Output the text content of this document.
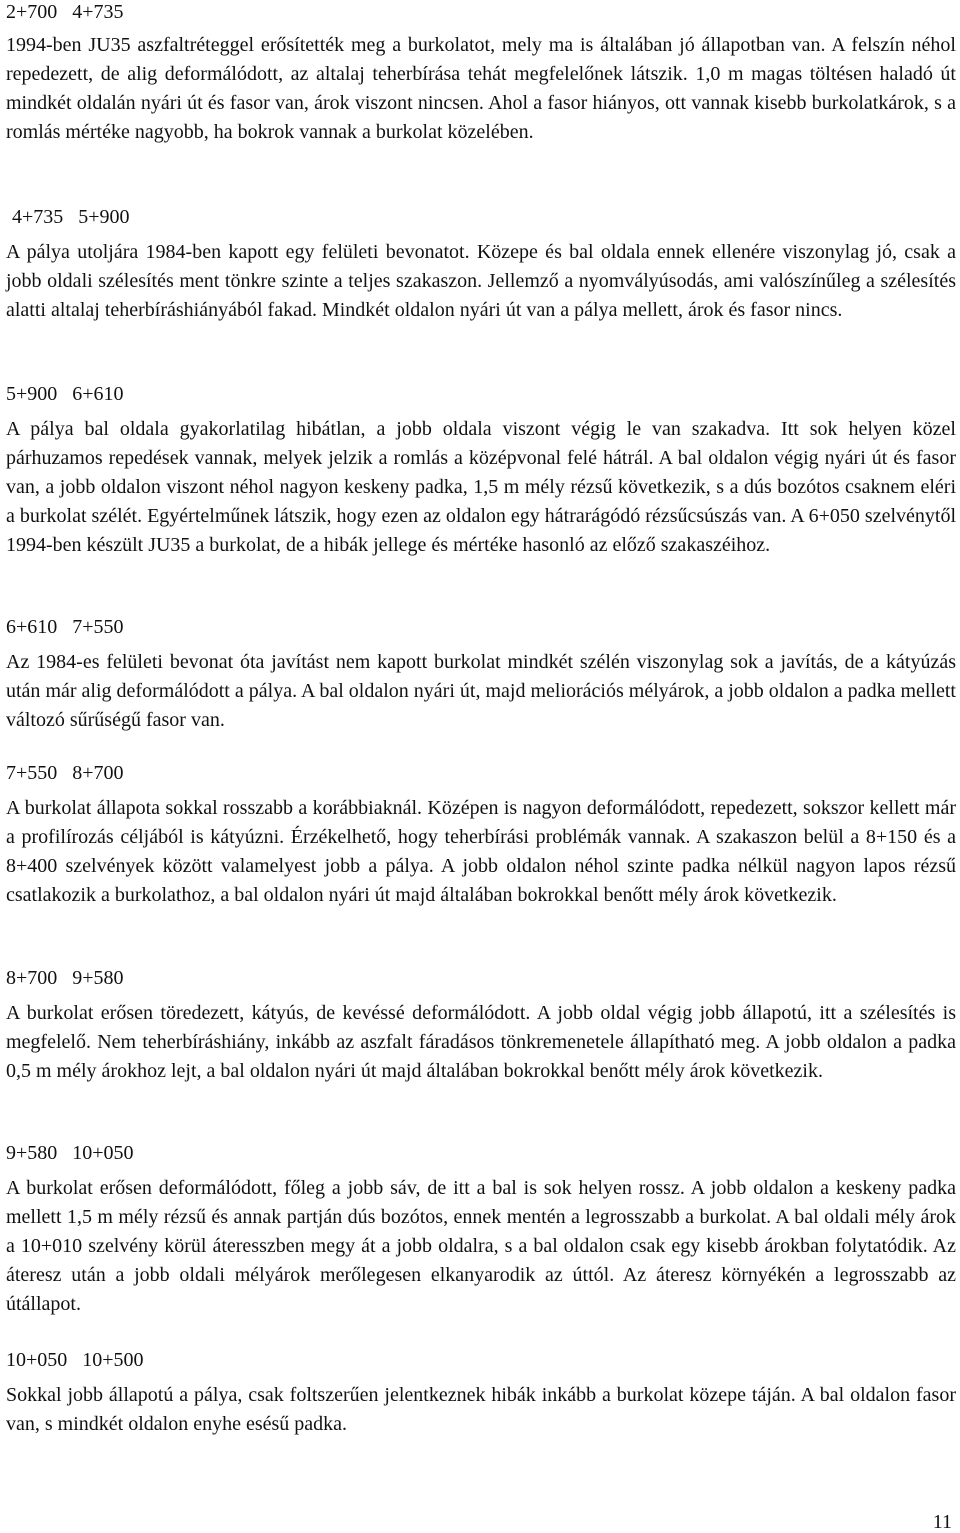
2+700   4+735

1994-ben JU35 aszfaltréteggel erősítették meg a burkolatot, mely ma is általában jó állapotban van. A felszín néhol repedezett, de alig deformálódott, az altalaj teherbírása tehát megfelelőnek látszik. 1,0 m magas töltésen haladó út mindkét oldalán nyári út és fasor van, árok viszont nincsen. Ahol a fasor hiányos, ott vannak kisebb burkolatkárok, s a romlás mértéke nagyobb, ha bokrok vannak a burkolat közelében.

4+735   5+900

A pálya utoljára 1984-ben kapott egy felületi bevonatot. Közepe és bal oldala ennek ellenére viszonylag jó, csak a jobb oldali szélesítés ment tönkre szinte a teljes szakaszon. Jellemző a nyomvályúsodás, ami valószínűleg a szélesítés alatti altalaj teherbíráshiányából fakad. Mindkét oldalon nyári út van a pálya mellett, árok és fasor nincs.

5+900   6+610

A pálya bal oldala gyakorlatilag hibátlan, a jobb oldala viszont végig le van szakadva. Itt sok helyen közel párhuzamos repedések vannak, melyek jelzik a romlás a középvonal felé hátrál. A bal oldalon végig nyári út és fasor van, a jobb oldalon viszont néhol nagyon keskeny padka, 1,5 m mély rézsű következik, s a dús bozótos csaknem eléri a burkolat szélét. Egyértelműnek látszik, hogy ezen az oldalon egy hátrarágódó rézsűcsúszás van. A 6+050 szelvénytől 1994-ben készült JU35 a burkolat, de a hibák jellege és mértéke hasonló az előző szakaszéihoz.

6+610   7+550

Az 1984-es felületi bevonat óta javítást nem kapott burkolat mindkét szélén viszonylag sok a javítás, de a kátyúzás után már alig deformálódott a pálya. A bal oldalon nyári út, majd meliorációs mélyárok, a jobb oldalon a padka mellett változó sűrűségű fasor van.

7+550   8+700

A burkolat állapota sokkal rosszabb a korábbiaknál. Középen is nagyon deformálódott, repedezett, sokszor kellett már a profilírozás céljából is kátyúzni. Érzékelhető, hogy teherbírási problémák vannak. A szakaszon belül a 8+150 és a 8+400 szelvények között valamelyest jobb a pálya. A jobb oldalon néhol szinte padka nélkül nagyon lapos rézsű csatlakozik a burkolathoz, a bal oldalon nyári út majd általában bokrokkal benőtt mély árok következik.

8+700   9+580

A burkolat erősen töredezett, kátyús, de kevéssé deformálódott. A jobb oldal végig jobb állapotú, itt a szélesítés is megfelelő. Nem teherbíráshiány, inkább az aszfalt fáradásos tönkremenetele állapítható meg. A jobb oldalon a padka 0,5 m mély árokhoz lejt, a bal oldalon nyári út majd általában bokrokkal benőtt mély árok következik.

9+580   10+050

A burkolat erősen deformálódott, főleg a jobb sáv, de itt a bal is sok helyen rossz. A jobb oldalon a keskeny padka mellett 1,5 m mély rézsű és annak partján dús bozótos, ennek mentén a legrosszabb a burkolat. A bal oldali mély árok a 10+010 szelvény körül áteresszben megy át a jobb oldalra, s a bal oldalon csak egy kisebb árokban folytatódik. Az áteresz után a jobb oldali mélyárok merőlegesen elkanyarodik az úttól. Az áteresz környékén a legrosszabb az útállapot.

10+050   10+500

Sokkal jobb állapotú a pálya, csak foltszerűen jelentkeznek hibák inkább a burkolat közepe táján. A bal oldalon fasor van, s mindkét oldalon enyhe esésű padka.

11
